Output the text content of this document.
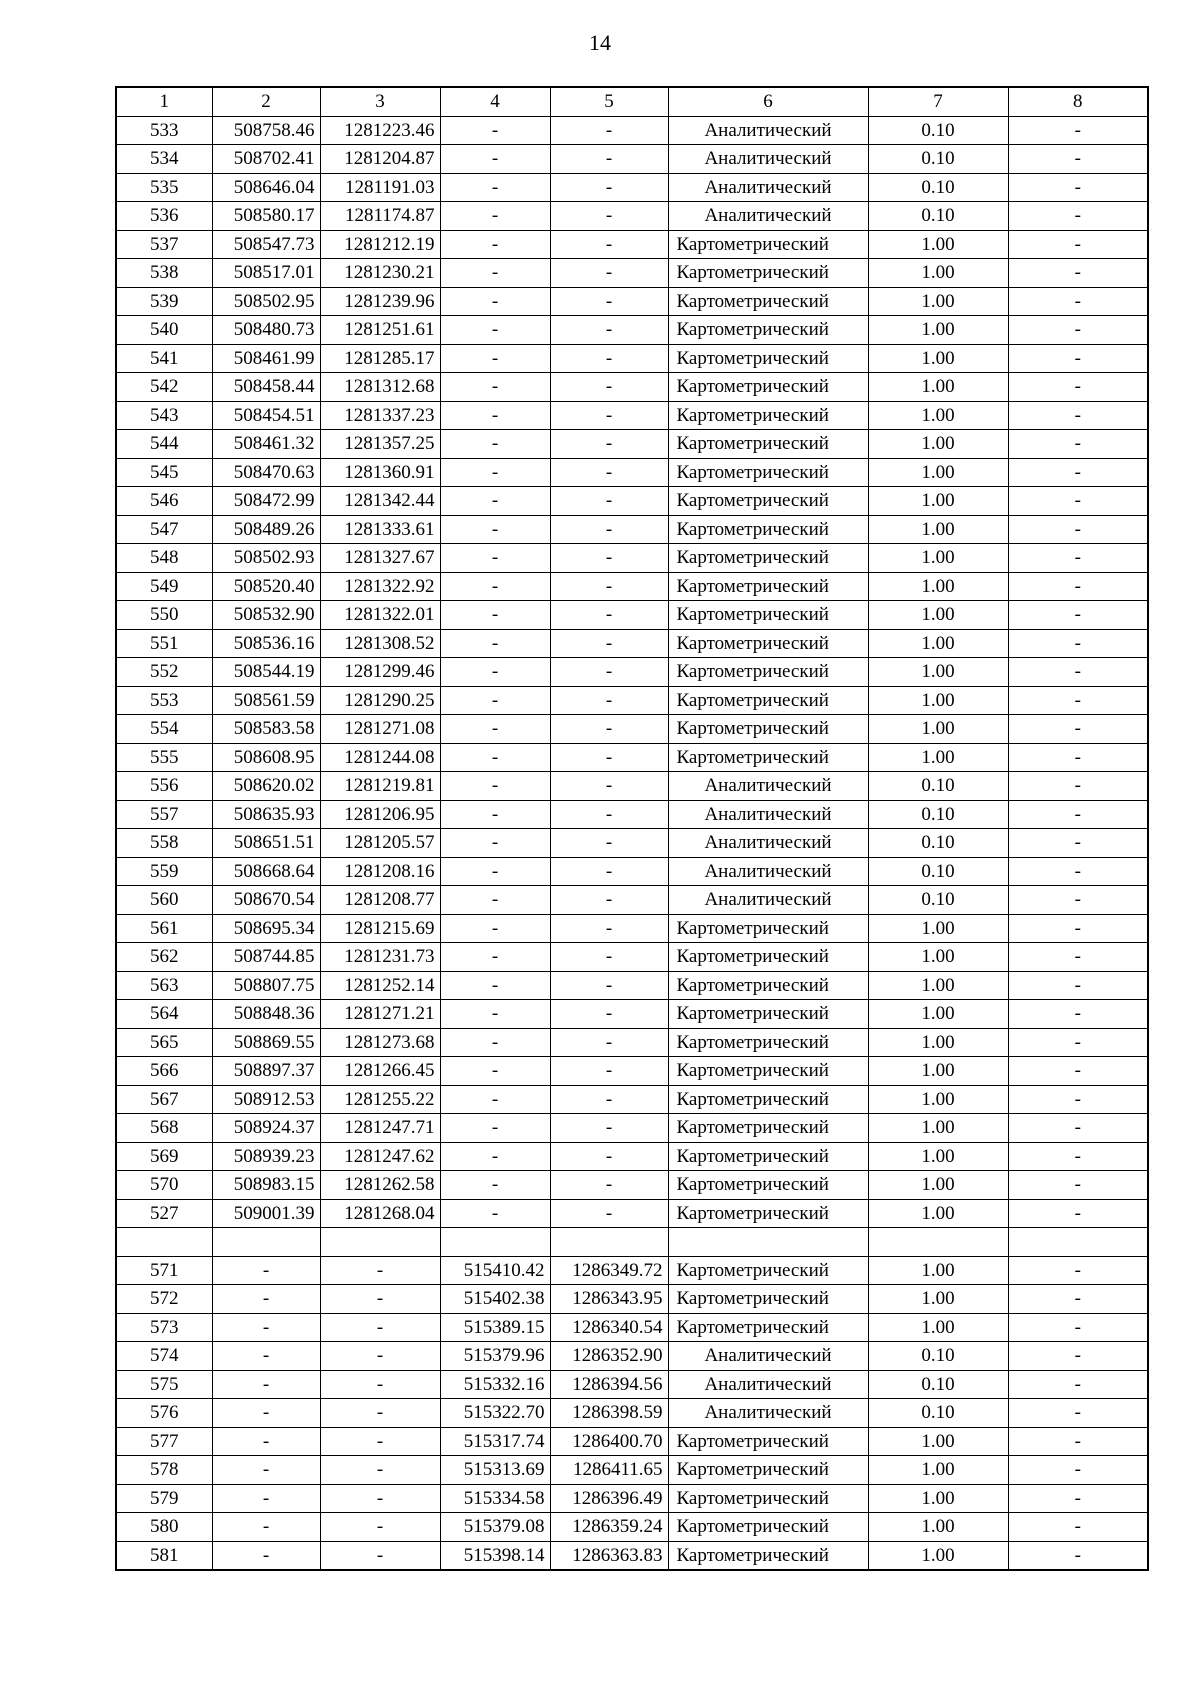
14
1	2	3	4	5	6	7	8
533	508758.46	1281223.46	-	-	Аналитический	0.10	-
534	508702.41	1281204.87	-	-	Аналитический	0.10	-
535	508646.04	1281191.03	-	-	Аналитический	0.10	-
536	508580.17	1281174.87	-	-	Аналитический	0.10	-
537	508547.73	1281212.19	-	-	Картометрический	1.00	-
538	508517.01	1281230.21	-	-	Картометрический	1.00	-
539	508502.95	1281239.96	-	-	Картометрический	1.00	-
540	508480.73	1281251.61	-	-	Картометрический	1.00	-
541	508461.99	1281285.17	-	-	Картометрический	1.00	-
542	508458.44	1281312.68	-	-	Картометрический	1.00	-
543	508454.51	1281337.23	-	-	Картометрический	1.00	-
544	508461.32	1281357.25	-	-	Картометрический	1.00	-
545	508470.63	1281360.91	-	-	Картометрический	1.00	-
546	508472.99	1281342.44	-	-	Картометрический	1.00	-
547	508489.26	1281333.61	-	-	Картометрический	1.00	-
548	508502.93	1281327.67	-	-	Картометрический	1.00	-
549	508520.40	1281322.92	-	-	Картометрический	1.00	-
550	508532.90	1281322.01	-	-	Картометрический	1.00	-
551	508536.16	1281308.52	-	-	Картометрический	1.00	-
552	508544.19	1281299.46	-	-	Картометрический	1.00	-
553	508561.59	1281290.25	-	-	Картометрический	1.00	-
554	508583.58	1281271.08	-	-	Картометрический	1.00	-
555	508608.95	1281244.08	-	-	Картометрический	1.00	-
556	508620.02	1281219.81	-	-	Аналитический	0.10	-
557	508635.93	1281206.95	-	-	Аналитический	0.10	-
558	508651.51	1281205.57	-	-	Аналитический	0.10	-
559	508668.64	1281208.16	-	-	Аналитический	0.10	-
560	508670.54	1281208.77	-	-	Аналитический	0.10	-
561	508695.34	1281215.69	-	-	Картометрический	1.00	-
562	508744.85	1281231.73	-	-	Картометрический	1.00	-
563	508807.75	1281252.14	-	-	Картометрический	1.00	-
564	508848.36	1281271.21	-	-	Картометрический	1.00	-
565	508869.55	1281273.68	-	-	Картометрический	1.00	-
566	508897.37	1281266.45	-	-	Картометрический	1.00	-
567	508912.53	1281255.22	-	-	Картометрический	1.00	-
568	508924.37	1281247.71	-	-	Картометрический	1.00	-
569	508939.23	1281247.62	-	-	Картометрический	1.00	-
570	508983.15	1281262.58	-	-	Картометрический	1.00	-
527	509001.39	1281268.04	-	-	Картометрический	1.00	-

571	-	-	515410.42	1286349.72	Картометрический	1.00	-
572	-	-	515402.38	1286343.95	Картометрический	1.00	-
573	-	-	515389.15	1286340.54	Картометрический	1.00	-
574	-	-	515379.96	1286352.90	Аналитический	0.10	-
575	-	-	515332.16	1286394.56	Аналитический	0.10	-
576	-	-	515322.70	1286398.59	Аналитический	0.10	-
577	-	-	515317.74	1286400.70	Картометрический	1.00	-
578	-	-	515313.69	1286411.65	Картометрический	1.00	-
579	-	-	515334.58	1286396.49	Картометрический	1.00	-
580	-	-	515379.08	1286359.24	Картометрический	1.00	-
581	-	-	515398.14	1286363.83	Картометрический	1.00	-
